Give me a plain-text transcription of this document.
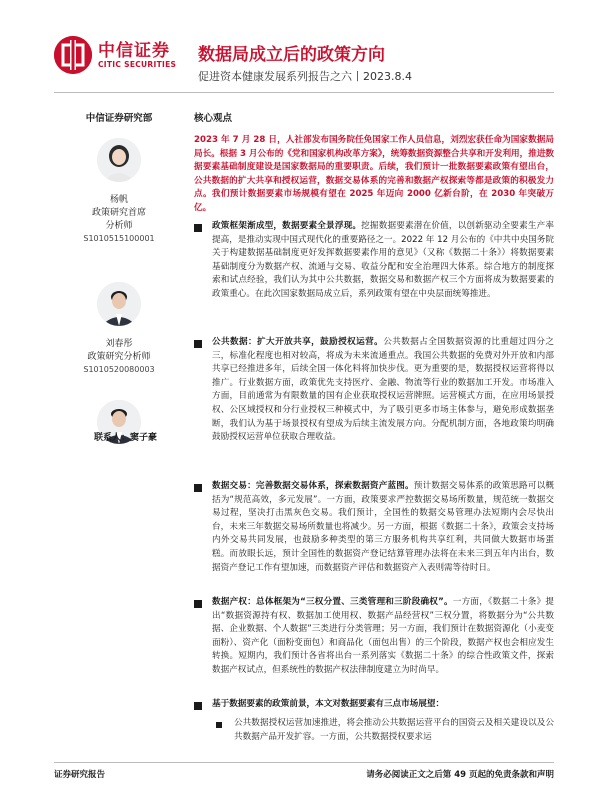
中信证券
CITIC SECURITIES 数据局成立后的政策方向
促进资本健康发展系列报告之六丨2023.8.4
中信证券研究部
杨帆
政策研究首席
分析师
S1010515100001
刘春彤
政策研究分析师
S1010520080003
联系人：窦子豪
核心观点
2023 年 7 月 28 日，人社部发布国务院任免国家工作人员信息，刘烈宏获任命为国家数据局局长。根据 3 月公布的《党和国家机构改革方案》，统筹数据资源整合共享和开发利用，推进数据要素基础制度建设是国家数据局的重要职责。后续，我们预计一批数据要素政策有望出台，公共数据的扩大共享和授权运营，数据交易体系的完善和数据产权探索等都是政策的积极发力点。我们预计数据要素市场规模有望在 2025 年迈向 2000 亿新台阶，在 2030 年突破万亿。
政策框架渐成型，数据要素全景浮现。挖掘数据要素潜在价值，以创新驱动全要素生产率提高，是推动实现中国式现代化的重要路径之一。2022 年 12 月公布的《中共中央国务院关于构建数据基础制度更好发挥数据要素作用的意见》（又称《数据二十条》）将数据要素基础制度分为数据产权、流通与交易、收益分配和安全治理四大体系。综合地方的制度探索和试点经验，我们认为其中公共数据，数据交易和数据产权三个方面将成为数据要素的政策重心。在此次国家数据局成立后，系列政策有望在中央层面统筹推进。
公共数据：扩大开放共享，鼓励授权运营。公共数据占全国数据资源的比重超过四分之三，标准化程度也相对较高，将成为未来流通重点。我国公共数据的免费对外开放和内部共享已经推进多年，后续全国一体化料将加快步伐。更为重要的是，数据授权运营将得以推广。行业数据方面，政策优先支持医疗、金融、物流等行业的数据加工开发。市场准入方面，目前通常为有限数量的国有企业获取授权运营牌照。运营模式方面，在应用场景授权、公区域授权和分行业授权三种模式中，为了吸引更多市场主体参与，避免形成数据垄断，我们认为基于场景授权有望成为后续主流发展方向。分配机制方面，各地政策均明确鼓励授权运营单位获取合理收益。
数据交易：完善数据交易体系，探索数据资产蓝图。预计数据交易体系的政策思路可以概括为“规范高效，多元发展”。一方面，政策要求严控数据交易场所数量，规范统一数据交易过程，坚决打击黑灰色交易。我们预计，全国性的数据交易管理办法短期内会尽快出台，未来三年数据交易场所数量也将减少。另一方面，根据《数据二十条》，政策会支持场内外交易共同发展，也鼓励多种类型的第三方服务机构共享红利，共同做大数据市场蛋糕。而放眼长远，预计全国性的数据资产登记结算管理办法将在未来三到五年内出台，数据资产登记工作有望加速，而数据资产评估和数据资产入表则需等待时日。
数据产权：总体框架为“三权分置、三类管理和三阶段确权”。一方面，《数据二十条》提出“数据资源持有权、数据加工使用权、数据产品经营权”三权分置，将数据分为“公共数据、企业数据、个人数据”三类进行分类管理；另一方面，我们预计在数据资源化（小麦变面粉）、资产化（面粉变面包）和商品化（面包出售）的三个阶段，数据产权也会相应发生转换。短期内，我们预计各省将出台一系列落实《数据二十条》的综合性政策文件，探索数据产权试点，但系统性的数据产权法律制度建立为时尚早。
基于数据要素的政策前景，本文对数据要素有三点市场展望：
公共数据授权运营加速推进，将会推动公共数据运营平台的国资云及相关建设以及公共数据产品开发扩容。一方面，公共数据授权要求运
证券研究报告	请务必阅读正文之后第 49 页起的免责条款和声明
